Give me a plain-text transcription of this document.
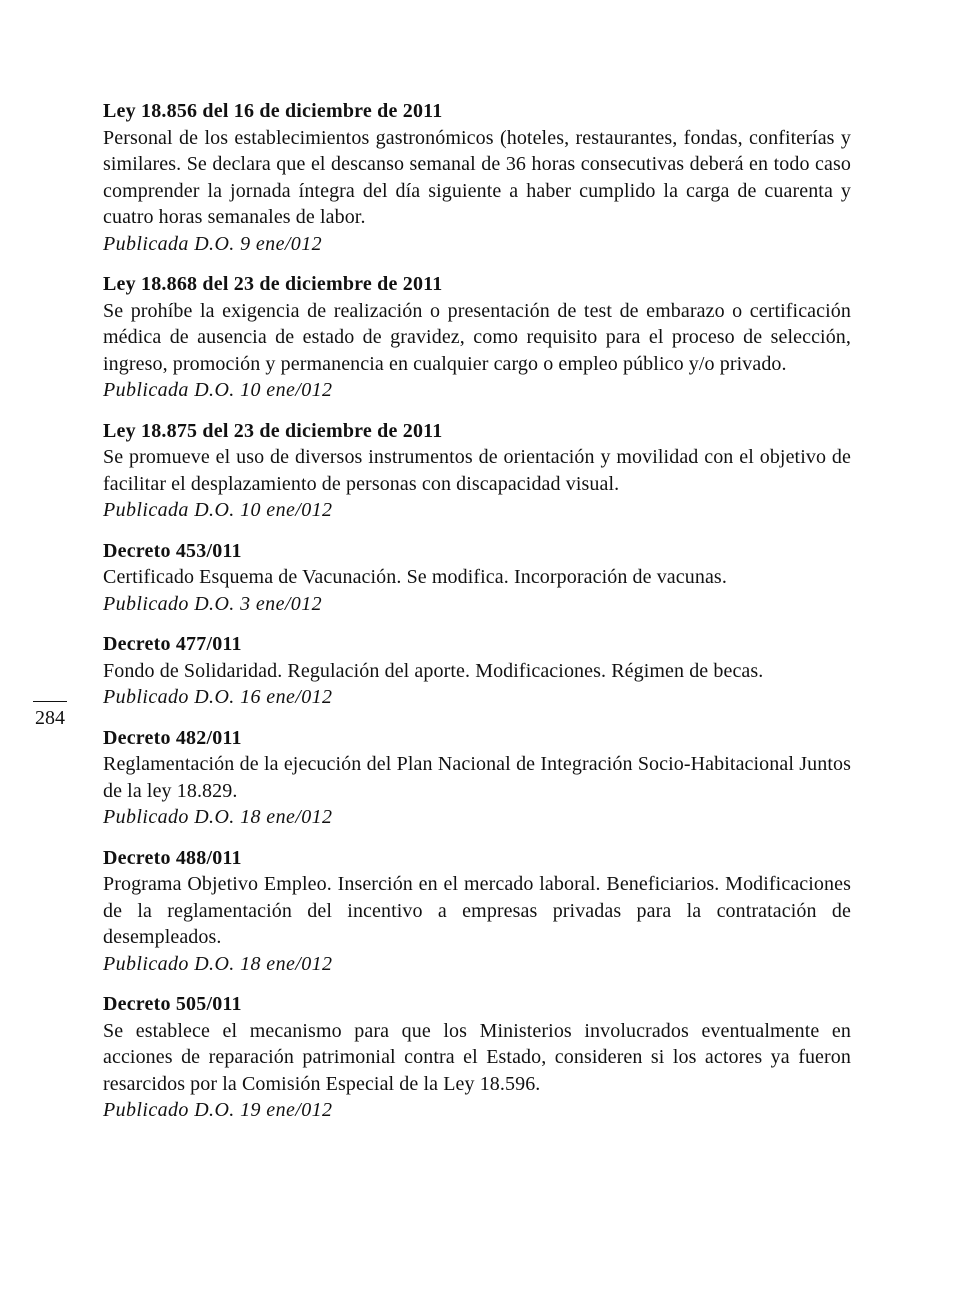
Ley 18.856 del 16 de diciembre de 2011

Personal de los establecimientos gastronómicos (hoteles, restaurantes, fondas, confiterías y similares. Se declara que el descanso semanal de 36 horas consecutivas deberá en todo caso comprender la jornada íntegra del día siguiente a haber cumplido la carga de cuarenta y cuatro horas semanales de labor.

Publicada D.O. 9 ene/012

Ley 18.868 del 23 de diciembre de 2011

Se prohíbe la exigencia de realización o presentación de test de embarazo o certificación médica de ausencia de estado de gravidez, como requisito para el proceso de selección, ingreso, promoción y permanencia en cualquier cargo o empleo público y/o privado.

Publicada D.O. 10 ene/012

Ley 18.875 del 23 de diciembre de 2011

Se promueve el uso de diversos instrumentos de orientación y movilidad con el objetivo de facilitar el desplazamiento de personas con discapacidad visual.

Publicada D.O. 10 ene/012

Decreto 453/011

Certificado Esquema de Vacunación. Se modifica. Incorporación de vacunas.

Publicado D.O. 3 ene/012

Decreto 477/011

Fondo de Solidaridad. Regulación del aporte. Modificaciones. Régimen de becas.

Publicado D.O. 16 ene/012

Decreto 482/011

Reglamentación de la ejecución del Plan Nacional de Integración Socio-Habitacional Juntos de la ley 18.829.

Publicado D.O. 18 ene/012

Decreto 488/011

Programa Objetivo Empleo. Inserción en el mercado laboral. Beneficiarios. Modificaciones de la reglamentación del incentivo a empresas privadas para la contratación de desempleados.

Publicado D.O. 18 ene/012

Decreto 505/011

Se establece el mecanismo para que los Ministerios involucrados eventualmente en acciones de reparación patrimonial contra el Estado, consideren si los actores ya fueron resarcidos por la Comisión Especial de la Ley 18.596.

Publicado D.O. 19 ene/012

284
